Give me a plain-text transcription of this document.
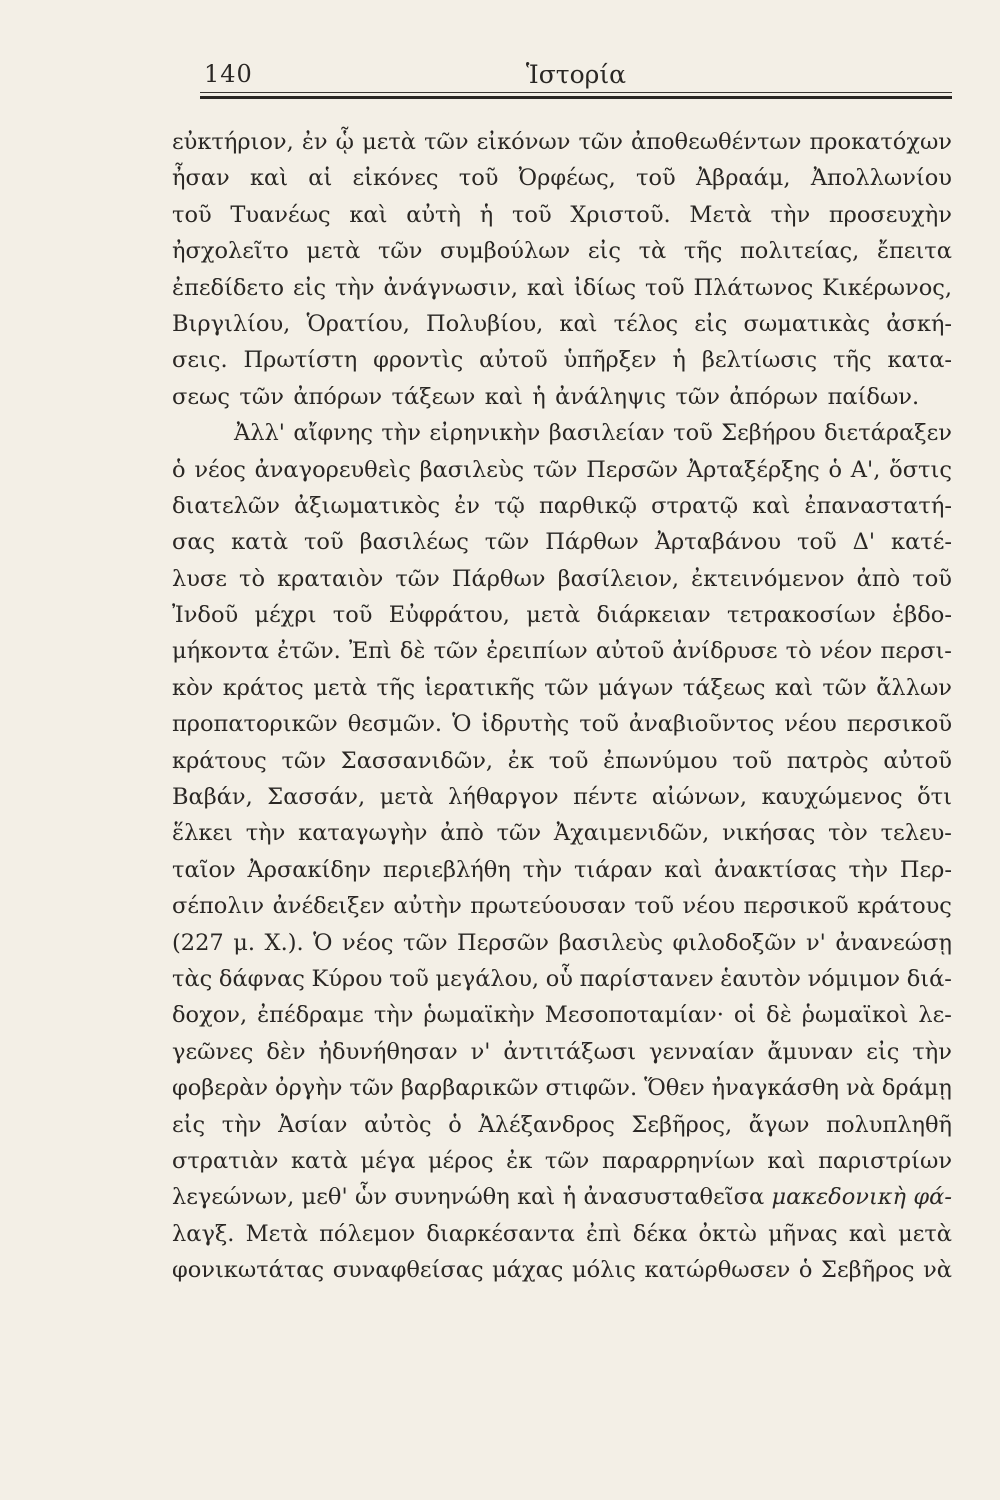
140	Ἱστορία
εὐκτήριον, ἐν ᾧ μετὰ τῶν εἰκόνων τῶν ἀποθεωθέντων προκατόχων
ἦσαν καὶ αἱ εἰκόνες τοῦ Ὀρφέως, τοῦ Ἀβραάμ, Ἀπολλωνίου
τοῦ Τυανέως καὶ αὐτὴ ἡ τοῦ Χριστοῦ. Μετὰ τὴν προσευχὴν
ἠσχολεῖτο μετὰ τῶν συμβούλων εἰς τὰ τῆς πολιτείας, ἔπειτα
ἐπεδίδετο εἰς τὴν ἀνάγνωσιν, καὶ ἰδίως τοῦ Πλάτωνος Κικέρωνος,
Βιργιλίου, Ὁρατίου, Πολυβίου, καὶ τέλος εἰς σωματικὰς ἀσκή-
σεις. Πρωτίστη φροντὶς αὐτοῦ ὑπῆρξεν ἡ βελτίωσις τῆς κατα-
σεως τῶν ἀπόρων τάξεων καὶ ἡ ἀνάληψις τῶν ἀπόρων παίδων.
Ἀλλ' αἴφνης τὴν εἰρηνικὴν βασιλείαν τοῦ Σεβήρου διετάραξεν
ὁ νέος ἀναγορευθεὶς βασιλεὺς τῶν Περσῶν Ἀρταξέρξης ὁ Α', ὅστις
διατελῶν ἀξιωματικὸς ἐν τῷ παρθικῷ στρατῷ καὶ ἐπαναστατή-
σας κατὰ τοῦ βασιλέως τῶν Πάρθων Ἀρταβάνου τοῦ Δ' κατέ-
λυσε τὸ κραταιὸν τῶν Πάρθων βασίλειον, ἐκτεινόμενον ἀπὸ τοῦ
Ἰνδοῦ μέχρι τοῦ Εὐφράτου, μετὰ διάρκειαν τετρακοσίων ἑβδο-
μήκοντα ἐτῶν. Ἐπὶ δὲ τῶν ἐρειπίων αὐτοῦ ἀνίδρυσε τὸ νέον περσι-
κὸν κράτος μετὰ τῆς ἱερατικῆς τῶν μάγων τάξεως καὶ τῶν ἄλλων
προπατορικῶν θεσμῶν. Ὁ ἱδρυτὴς τοῦ ἀναβιοῦντος νέου περσικοῦ
κράτους τῶν Σασσανιδῶν, ἐκ τοῦ ἐπωνύμου τοῦ πατρὸς αὐτοῦ
Βαβάν, Σασσάν, μετὰ λήθαργον πέντε αἰώνων, καυχώμενος ὅτι
ἕλκει τὴν καταγωγὴν ἀπὸ τῶν Ἀχαιμενιδῶν, νικήσας τὸν τελευ-
ταῖον Ἀρσακίδην περιεβλήθη τὴν τιάραν καὶ ἀνακτίσας τὴν Περ-
σέπολιν ἀνέδειξεν αὐτὴν πρωτεύουσαν τοῦ νέου περσικοῦ κράτους
(227 μ. Χ.). Ὁ νέος τῶν Περσῶν βασιλεὺς φιλοδοξῶν ν' ἀνανεώσῃ
τὰς δάφνας Κύρου τοῦ μεγάλου, οὗ παρίστανεν ἑαυτὸν νόμιμον διά-
δοχον, ἐπέδραμε τὴν ῥωμαϊκὴν Μεσοποταμίαν· οἱ δὲ ῥωμαϊκοὶ λε-
γεῶνες δὲν ἠδυνήθησαν ν' ἀντιτάξωσι γενναίαν ἄμυναν εἰς τὴν
φοβερὰν ὀργὴν τῶν βαρβαρικῶν στιφῶν. Ὅθεν ἠναγκάσθη νὰ δράμῃ
εἰς τὴν Ἀσίαν αὐτὸς ὁ Ἀλέξανδρος Σεβῆρος, ἄγων πολυπληθῆ
στρατιὰν κατὰ μέγα μέρος ἐκ τῶν παραρρηνίων καὶ παριστρίων
λεγεώνων, μεθ' ὧν συνηνώθη καὶ ἡ ἀνασυσταθεῖσα μακεδονικὴ φά-
λαγξ. Μετὰ πόλεμον διαρκέσαντα ἐπὶ δέκα ὀκτὼ μῆνας καὶ μετὰ
φονικωτάτας συναφθείσας μάχας μόλις κατώρθωσεν ὁ Σεβῆρος νὰ
